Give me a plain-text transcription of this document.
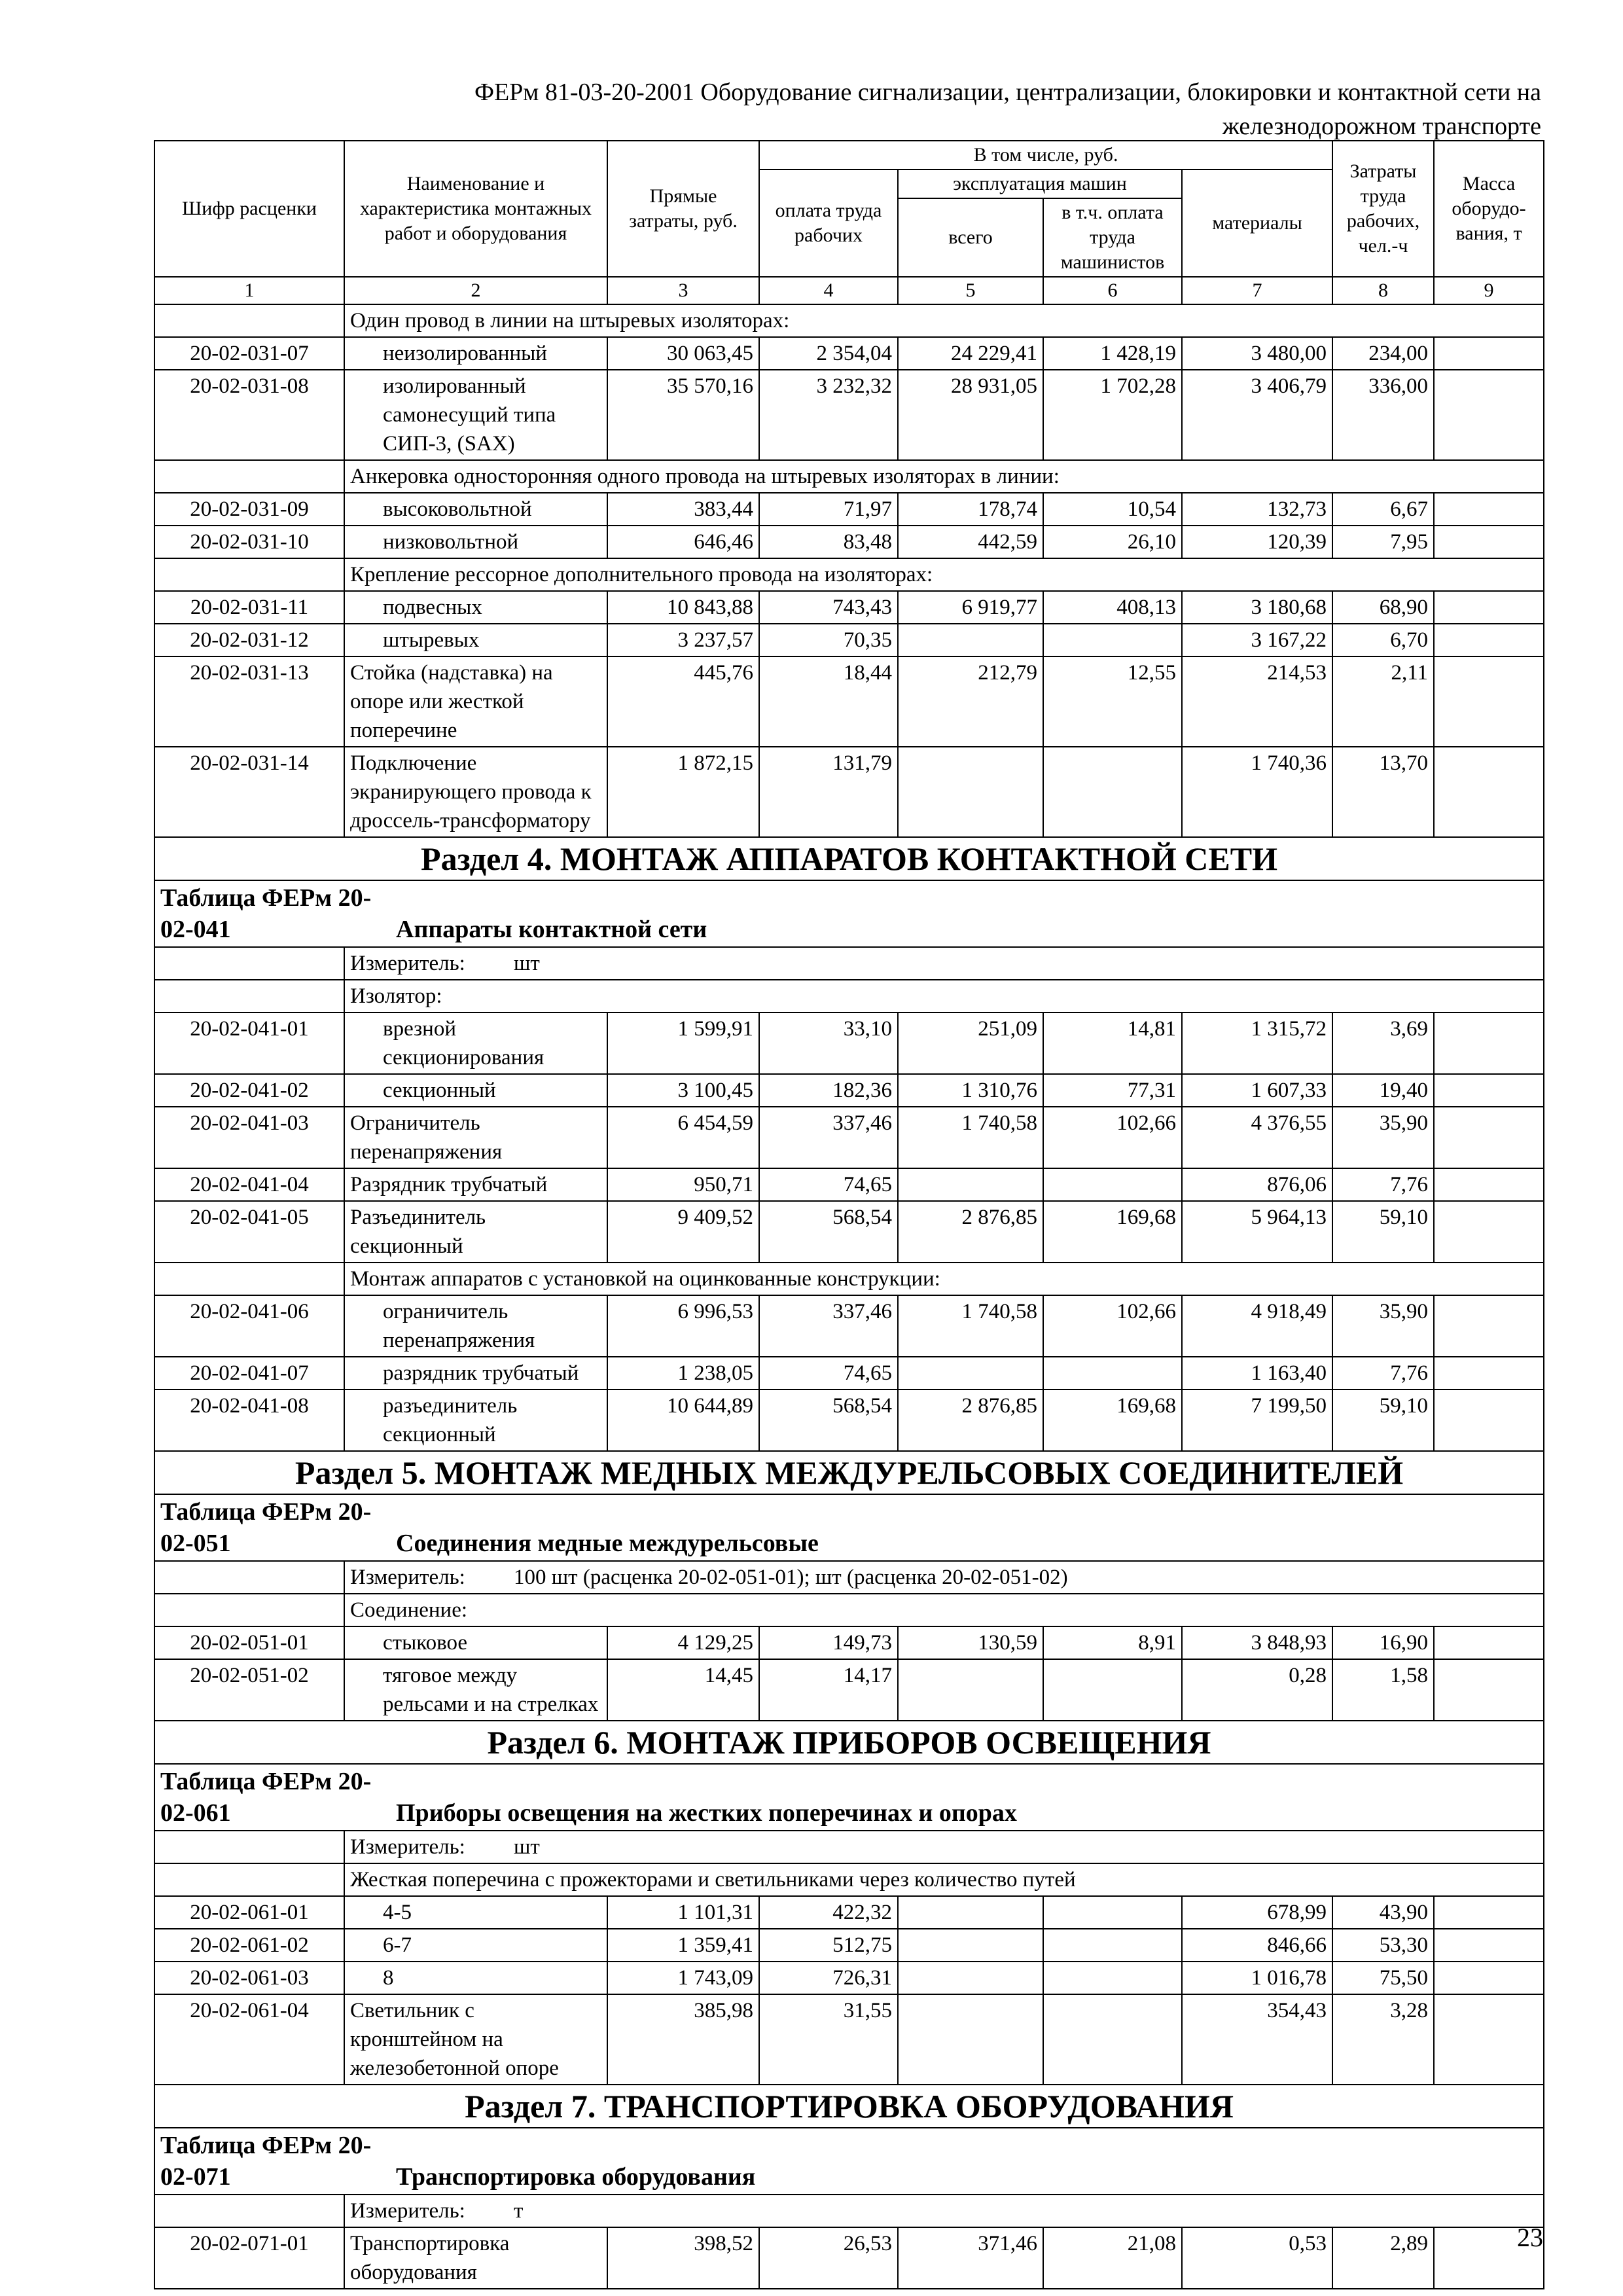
ФЕРм 81-03-20-2001 Оборудование сигнализации, централизации, блокировки и контактной сети на
железнодорожном транспорте
Шифр расценки	Наименование и характеристика монтажных работ и оборудования	Прямые затраты, руб.	В том числе, руб.				Затраты труда рабочих, чел.-ч	Масса оборудо-вания, т
			оплата труда рабочих	эксплуатация машин		материалы		
				всего	в т.ч. оплата труда машинистов			
1	2	3	4	5	6	7	8	9
	Один провод в линии на штыревых изоляторах:							
20-02-031-07	неизолированный	30 063,45	2 354,04	24 229,41	1 428,19	3 480,00	234,00	
20-02-031-08	изолированный самонесущий типа СИП-3, (SAX)	35 570,16	3 232,32	28 931,05	1 702,28	3 406,79	336,00	
	Анкеровка односторонняя одного провода на штыревых изоляторах в линии:							
20-02-031-09	высоковольтной	383,44	71,97	178,74	10,54	132,73	6,67	
20-02-031-10	низковольтной	646,46	83,48	442,59	26,10	120,39	7,95	
	Крепление рессорное дополнительного провода на изоляторах:							
20-02-031-11	подвесных	10 843,88	743,43	6 919,77	408,13	3 180,68	68,90	
20-02-031-12	штыревых	3 237,57	70,35			3 167,22	6,70	
20-02-031-13	Стойка (надставка) на опоре или жесткой поперечине	445,76	18,44	212,79	12,55	214,53	2,11	
20-02-031-14	Подключение экранирующего провода к дроссель-трансформатору	1 872,15	131,79			1 740,36	13,70	
Раздел 4. МОНТАЖ АППАРАТОВ КОНТАКТНОЙ СЕТИ								
Таблица ФЕРм 20-02-041 Аппараты контактной сети								
	Измеритель: шт							
	Изолятор:							
20-02-041-01	врезной секционирования	1 599,91	33,10	251,09	14,81	1 315,72	3,69	
20-02-041-02	секционный	3 100,45	182,36	1 310,76	77,31	1 607,33	19,40	
20-02-041-03	Ограничитель перенапряжения	6 454,59	337,46	1 740,58	102,66	4 376,55	35,90	
20-02-041-04	Разрядник трубчатый	950,71	74,65			876,06	7,76	
20-02-041-05	Разъединитель секционный	9 409,52	568,54	2 876,85	169,68	5 964,13	59,10	
	Монтаж аппаратов с установкой на оцинкованные конструкции:							
20-02-041-06	ограничитель перенапряжения	6 996,53	337,46	1 740,58	102,66	4 918,49	35,90	
20-02-041-07	разрядник трубчатый	1 238,05	74,65			1 163,40	7,76	
20-02-041-08	разъединитель секционный	10 644,89	568,54	2 876,85	169,68	7 199,50	59,10	
Раздел 5. МОНТАЖ МЕДНЫХ МЕЖДУРЕЛЬСОВЫХ СОЕДИНИТЕЛЕЙ								
Таблица ФЕРм 20-02-051 Соединения медные междурельсовые								
	Измеритель: 100 шт (расценка 20-02-051-01); шт (расценка 20-02-051-02)							
	Соединение:							
20-02-051-01	стыковое	4 129,25	149,73	130,59	8,91	3 848,93	16,90	
20-02-051-02	тяговое между рельсами и на стрелках	14,45	14,17			0,28	1,58	
Раздел 6. МОНТАЖ ПРИБОРОВ ОСВЕЩЕНИЯ								
Таблица ФЕРм 20-02-061 Приборы освещения на жестких поперечинах и опорах								
	Измеритель: шт							
	Жесткая поперечина с прожекторами и светильниками через количество путей							
20-02-061-01	4-5	1 101,31	422,32			678,99	43,90	
20-02-061-02	6-7	1 359,41	512,75			846,66	53,30	
20-02-061-03	8	1 743,09	726,31			1 016,78	75,50	
20-02-061-04	Светильник с кронштейном на железобетонной опоре	385,98	31,55			354,43	3,28	
Раздел 7. ТРАНСПОРТИРОВКА ОБОРУДОВАНИЯ								
Таблица ФЕРм 20-02-071 Транспортировка оборудования								
	Измеритель: т							
20-02-071-01	Транспортировка оборудования	398,52	26,53	371,46	21,08	0,53	2,89		23
